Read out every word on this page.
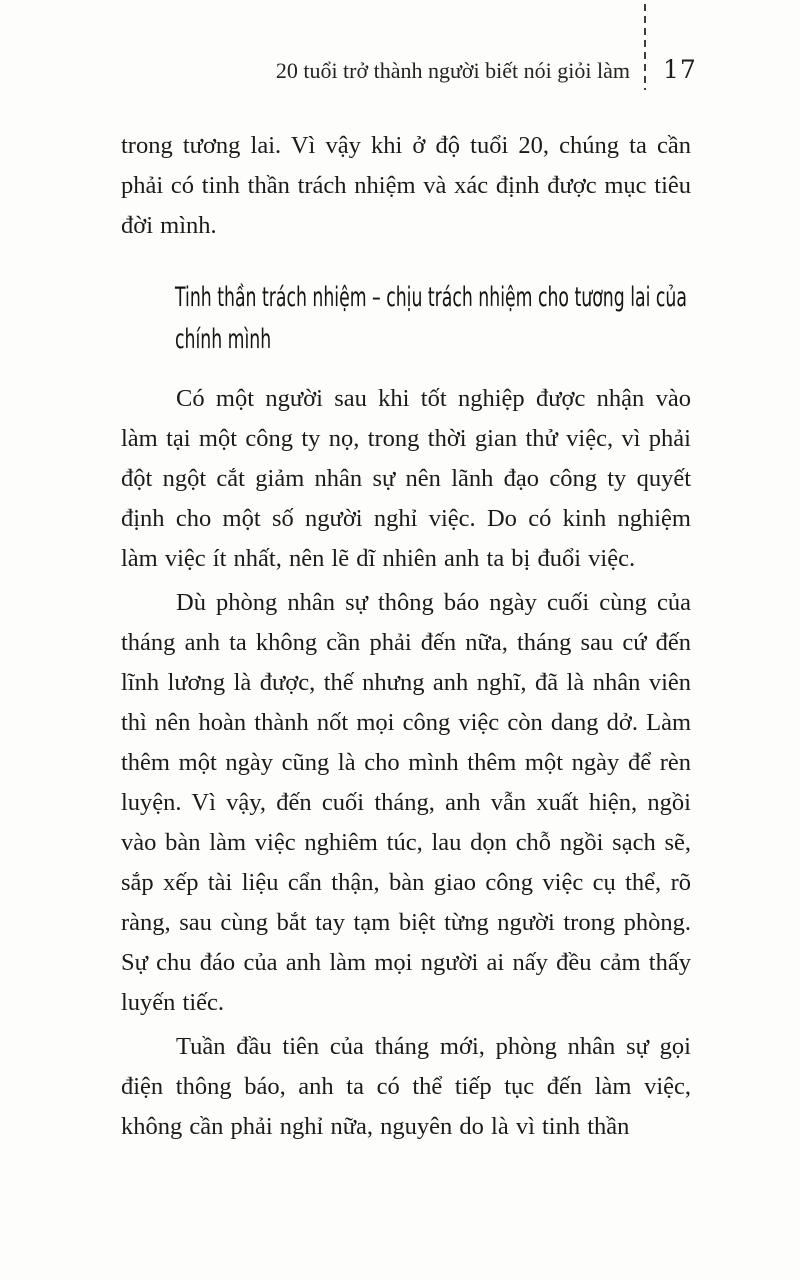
20 tuổi trở thành người biết nói giỏi làm 17

trong tương lai. Vì vậy khi ở độ tuổi 20, chúng ta cần phải có tinh thần trách nhiệm và xác định được mục tiêu đời mình.

Tinh thần trách nhiệm – chịu trách nhiệm cho tương lai của chính mình

Có một người sau khi tốt nghiệp được nhận vào làm tại một công ty nọ, trong thời gian thử việc, vì phải đột ngột cắt giảm nhân sự nên lãnh đạo công ty quyết định cho một số người nghỉ việc. Do có kinh nghiệm làm việc ít nhất, nên lẽ dĩ nhiên anh ta bị đuổi việc.

Dù phòng nhân sự thông báo ngày cuối cùng của tháng anh ta không cần phải đến nữa, tháng sau cứ đến lĩnh lương là được, thế nhưng anh nghĩ, đã là nhân viên thì nên hoàn thành nốt mọi công việc còn dang dở. Làm thêm một ngày cũng là cho mình thêm một ngày để rèn luyện. Vì vậy, đến cuối tháng, anh vẫn xuất hiện, ngồi vào bàn làm việc nghiêm túc, lau dọn chỗ ngồi sạch sẽ, sắp xếp tài liệu cẩn thận, bàn giao công việc cụ thể, rõ ràng, sau cùng bắt tay tạm biệt từng người trong phòng. Sự chu đáo của anh làm mọi người ai nấy đều cảm thấy luyến tiếc.

Tuần đầu tiên của tháng mới, phòng nhân sự gọi điện thông báo, anh ta có thể tiếp tục đến làm việc, không cần phải nghỉ nữa, nguyên do là vì tinh thần
